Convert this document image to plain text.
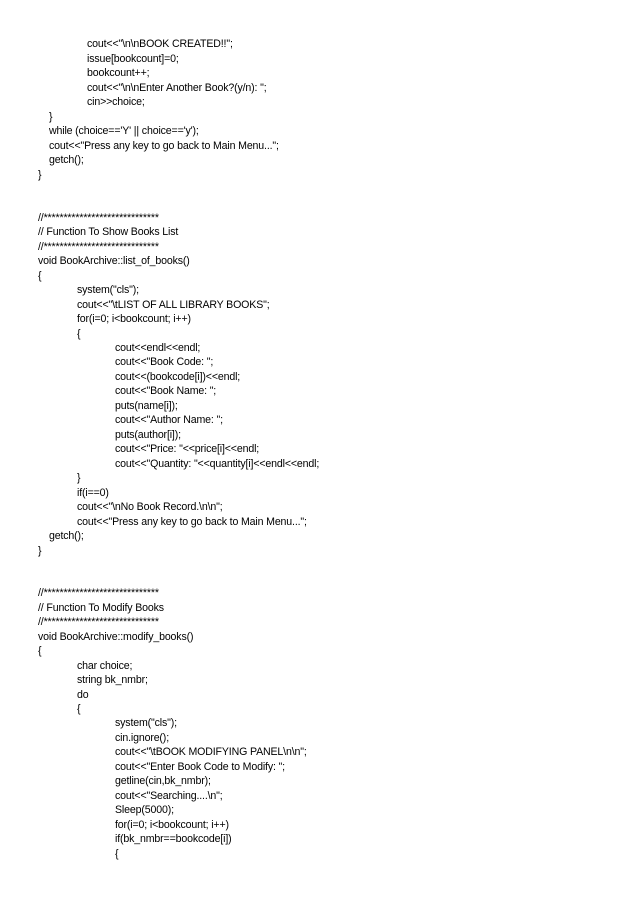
cout<<"\n\nBOOK CREATED!!";
issue[bookcount]=0;
bookcount++;
cout<<"\n\nEnter Another Book?(y/n): ";
cin>>choice;
}
while (choice=='Y' || choice=='y');
cout<<"Press any key to go back to Main Menu...";
getch();
}
//*****************************
// Function To Show Books List
//*****************************
void BookArchive::list_of_books()
{
system("cls");
cout<<"\tLIST OF ALL LIBRARY BOOKS";
for(i=0; i<bookcount; i++)
{
cout<<endl<<endl;
cout<<"Book Code: ";
cout<<(bookcode[i])<<endl;
cout<<"Book Name: ";
puts(name[i]);
cout<<"Author Name: ";
puts(author[i]);
cout<<"Price: "<<price[i]<<endl;
cout<<"Quantity: "<<quantity[i]<<endl<<endl;
}
if(i==0)
cout<<"\nNo Book Record.\n\n";
cout<<"Press any key to go back to Main Menu...";
getch();
}
//*****************************
// Function To Modify Books
//*****************************
void BookArchive::modify_books()
{
char choice;
string bk_nmbr;
do
{
system("cls");
cin.ignore();
cout<<"\tBOOK MODIFYING PANEL\n\n";
cout<<"Enter Book Code to Modify: ";
getline(cin,bk_nmbr);
cout<<"Searching....\n";
Sleep(5000);
for(i=0; i<bookcount; i++)
if(bk_nmbr==bookcode[i])
{
